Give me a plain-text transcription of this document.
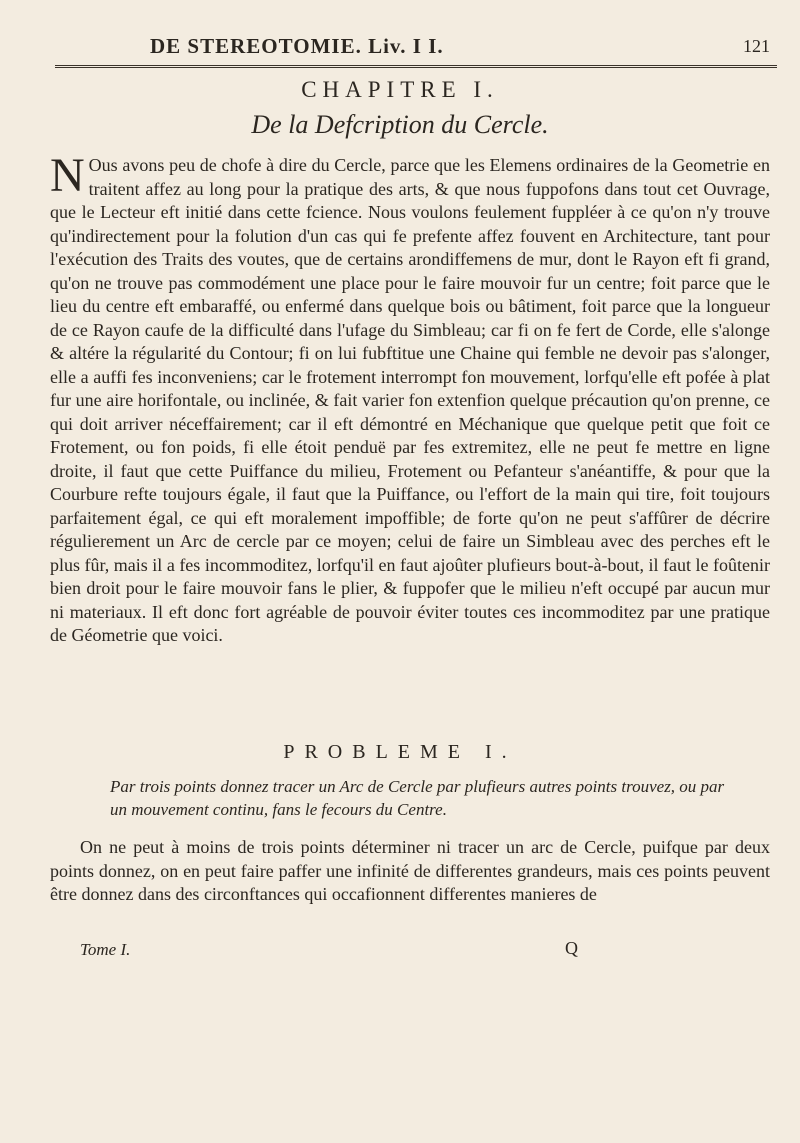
DE STEREOTOMIE. Liv. I I.	121
CHAPITRE I.
De la Defcription du Cercle.
N Ous avons peu de chofe à dire du Cercle, parce que les Elemens ordinaires de la Geometrie en traitent affez au long pour la pratique des arts, & que nous fuppofons dans tout cet Ouvrage, que le Lecteur eft initié dans cette fcience. Nous voulons feulement fuppléer à ce qu'on n'y trouve qu'indirectement pour la folution d'un cas qui fe prefente affez fouvent en Architecture, tant pour l'exécution des Traits des voutes, que de certains arondiffemens de mur, dont le Rayon eft fi grand, qu'on ne trouve pas commodément une place pour le faire mouvoir fur un centre; foit parce que le lieu du centre eft embaraffé, ou enfermé dans quelque bois ou bâtiment, foit parce que la longueur de ce Rayon caufe de la difficulté dans l'ufage du Simbleau; car fi on fe fert de Corde, elle s'alonge & altére la régularité du Contour; fi on lui fubftitue une Chaine qui femble ne devoir pas s'alonger, elle a auffi fes inconveniens; car le frotement interrompt fon mouvement, lorfqu'elle eft pofée à plat fur une aire horifontale, ou inclinée, & fait varier fon extenfion quelque précaution qu'on prenne, ce qui doit arriver néceffairement; car il eft démontré en Méchanique que quelque petit que foit ce Frotement, ou fon poids, fi elle étoit penduë par fes extremitez, elle ne peut fe mettre en ligne droite, il faut que cette Puiffance du milieu, Frotement ou Pefanteur s'anéantiffe, & pour que la Courbure refte toujours égale, il faut que la Puiffance, ou l'effort de la main qui tire, foit toujours parfaitement égal, ce qui eft moralement impoffible; de forte qu'on ne peut s'affûrer de décrire régulierement un Arc de cercle par ce moyen; celui de faire un Simbleau avec des perches eft le plus fûr, mais il a fes incommoditez, lorfqu'il en faut ajoûter plufieurs bout-à-bout, il faut le foûtenir bien droit pour le faire mouvoir fans le plier, & fuppofer que le milieu n'eft occupé par aucun mur ni materiaux. Il eft donc fort agréable de pouvoir éviter toutes ces incommoditez par une pratique de Géometrie que voici.
PROBLEME I.
Par trois points donnez tracer un Arc de Cercle par plufieurs autres points trouvez, ou par un mouvement continu, fans le fecours du Centre.
On ne peut à moins de trois points déterminer ni tracer un arc de Cercle, puifque par deux points donnez, on en peut faire paffer une infinité de differentes grandeurs, mais ces points peuvent être donnez dans des circonftances qui occafionnent differentes manieres de
Tome I.	Q
